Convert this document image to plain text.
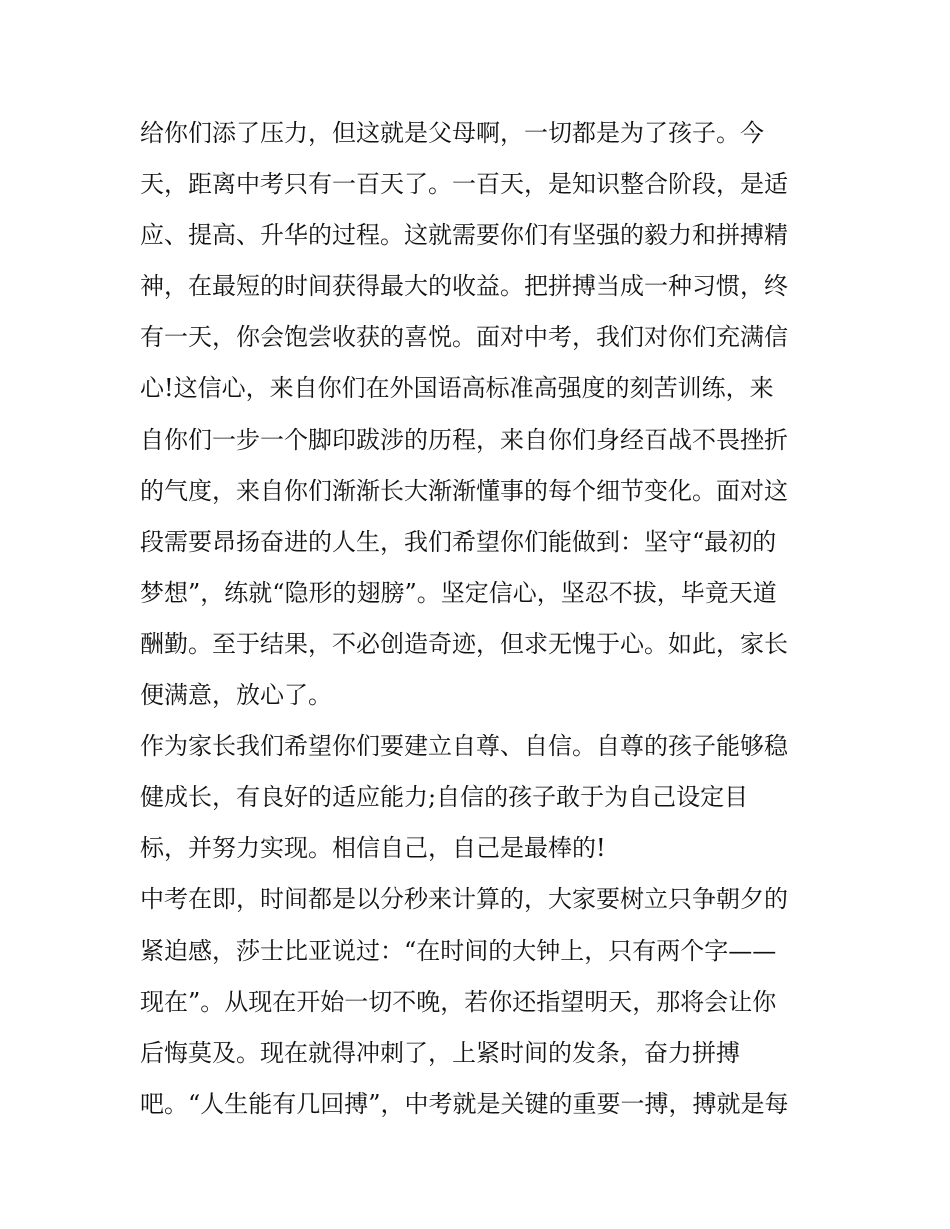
给你们添了压力，但这就是父母啊，一切都是为了孩子。今
天，距离中考只有一百天了。一百天，是知识整合阶段，是适
应、提高、升华的过程。这就需要你们有坚强的毅力和拼搏精
神，在最短的时间获得最大的收益。把拼搏当成一种习惯，终
有一天，你会饱尝收获的喜悦。面对中考，我们对你们充满信
心!这信心，来自你们在外国语高标准高强度的刻苦训练，来
自你们一步一个脚印跋涉的历程，来自你们身经百战不畏挫折
的气度，来自你们渐渐长大渐渐懂事的每个细节变化。面对这
段需要昂扬奋进的人生，我们希望你们能做到：坚守“最初的
梦想”，练就“隐形的翅膀”。坚定信心，坚忍不拔，毕竟天道
酬勤。至于结果，不必创造奇迹，但求无愧于心。如此，家长
便满意，放心了。
作为家长我们希望你们要建立自尊、自信。自尊的孩子能够稳
健成长，有良好的适应能力;自信的孩子敢于为自己设定目
标，并努力实现。相信自己，自己是最棒的!
中考在即，时间都是以分秒来计算的，大家要树立只争朝夕的
紧迫感，莎士比亚说过：“在时间的大钟上，只有两个字——
现在”。从现在开始一切不晚，若你还指望明天，那将会让你
后悔莫及。现在就得冲刺了，上紧时间的发条，奋力拼搏
吧。“人生能有几回搏”，中考就是关键的重要一搏，搏就是每
